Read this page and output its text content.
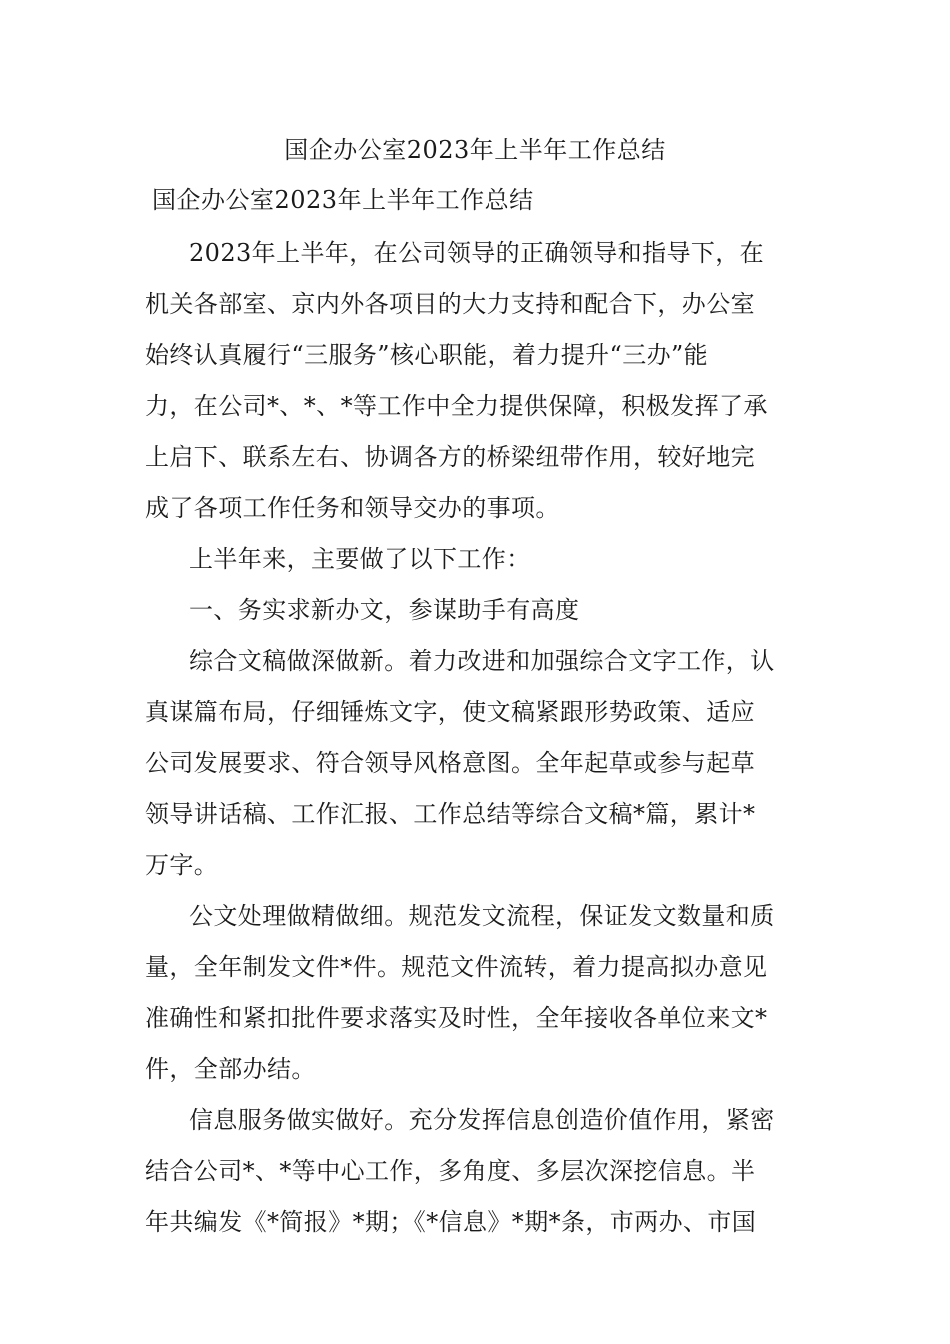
国企办公室2023年上半年工作总结
国企办公室2023年上半年工作总结
2023年上半年，在公司领导的正确领导和指导下，在
机关各部室、京内外各项目的大力支持和配合下，办公室
始终认真履行“三服务”核心职能，着力提升“三办”能
力，在公司*、*、*等工作中全力提供保障，积极发挥了承
上启下、联系左右、协调各方的桥梁纽带作用，较好地完
成了各项工作任务和领导交办的事项。
上半年来，主要做了以下工作：
一、务实求新办文，参谋助手有高度
综合文稿做深做新。着力改进和加强综合文字工作，认
真谋篇布局，仔细锤炼文字，使文稿紧跟形势政策、适应
公司发展要求、符合领导风格意图。全年起草或参与起草
领导讲话稿、工作汇报、工作总结等综合文稿*篇，累计*
万字。
公文处理做精做细。规范发文流程，保证发文数量和质
量，全年制发文件*件。规范文件流转，着力提高拟办意见
准确性和紧扣批件要求落实及时性，全年接收各单位来文*
件，全部办结。
信息服务做实做好。充分发挥信息创造价值作用，紧密
结合公司*、*等中心工作，多角度、多层次深挖信息。半
年共编发《*简报》*期；《*信息》*期*条，市两办、市国
